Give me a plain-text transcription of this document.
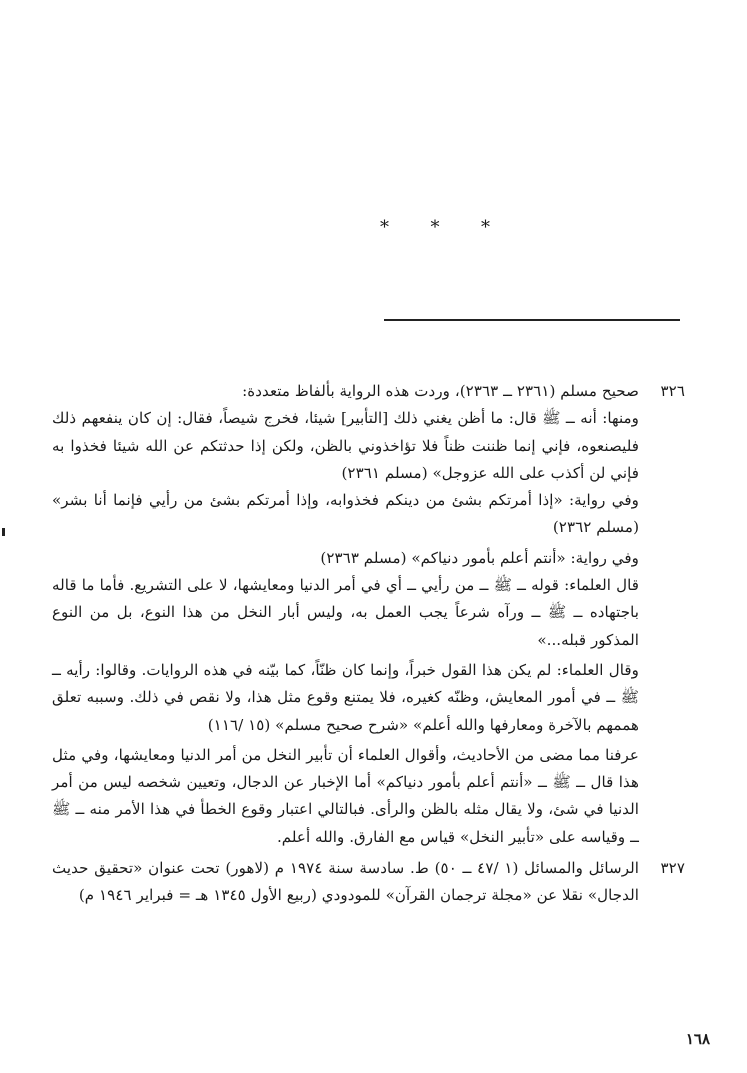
* * *
٣٢٦

صحيح مسلم (٢٣٦١ ــ ٢٣٦٣)، وردت هذه الرواية بألفاظ متعددة:

ومنها: أنه ــ ﷺ قال: ما أظن يغني ذلك [التأبير] شيئا، فخرج شيصاً، فقال: إن كان ينفعهم ذلك فليصنعوه، فإني إنما ظننت ظناً فلا تؤاخذوني بالظن، ولكن إذا حدثتكم عن الله شيئا فخذوا به فإني لن أكذب على الله عزوجل» (مسلم ٢٣٦١)

وفي رواية: «إذا أمرتكم بشئ من دينكم فخذوابه، وإذا أمرتكم بشئ من رأيي فإنما أنا بشر» (مسلم ٢٣٦٢)

وفي رواية: «أنتم أعلم بأمور دنياكم» (مسلم ٢٣٦٣)

قال العلماء: قوله ــ ﷺ ــ من رأيي ــ أي في أمر الدنيا ومعايشها، لا على التشريع. فأما ما قاله باجتهاده ــ ﷺ ــ ورآه شرعاً يجب العمل به، وليس أبار النخل من هذا النوع، بل من النوع المذكور قبله...»

وقال العلماء: لم يكن هذا القول خبراً، وإنما كان ظنّاً، كما بيّنه في هذه الروايات. وقالوا: رأيه ــ ﷺ ــ في أمور المعايش، وظنّه كغيره، فلا يمتنع وقوع مثل هذا، ولا نقص في ذلك. وسببه تعلق هممهم بالآخرة ومعارفها والله أعلم» «شرح صحيح مسلم» (١٥ /١١٦)

عرفنا مما مضى من الأحاديث، وأقوال العلماء أن تأبير النخل من أمر الدنيا ومعايشها، وفي مثل هذا قال ــ ﷺ ــ «أنتم أعلم بأمور دنياكم» أما الإخبار عن الدجال، وتعيين شخصه ليس من أمر الدنيا في شئ، ولا يقال مثله بالظن والرأى. فبالتالي اعتبار وقوع الخطأ في هذا الأمر منه ــ ﷺ ــ وقياسه على «تأبير النخل» قياس مع الفارق. والله أعلم.

٣٢٧

الرسائل والمسائل (١ /٤٧ ــ ٥٠) ط. سادسة سنة ١٩٧٤ م (لاهور) تحت عنوان «تحقيق حديث الدجال» نقلا عن «مجلة ترجمان القرآن» للمودودي (ربيع الأول ١٣٤٥ هـ = فبراير ١٩٤٦ م)

١٦٨
